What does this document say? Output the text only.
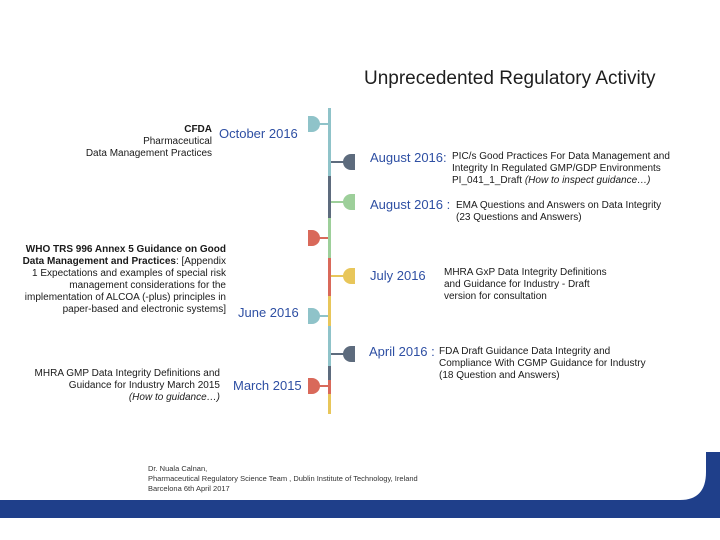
Unprecedented Regulatory Activity
CFDA
Pharmaceutical
Data Management Practices
October 2016
August 2016: PIC/s Good Practices For Data Management and
Integrity In Regulated GMP/GDP Environments
PI_041_1_Draft (How to inspect guidance…)
August 2016 : EMA Questions and Answers on Data Integrity
(23 Questions and Answers)
WHO TRS 996 Annex 5 Guidance on Good
Data Management and Practices: [Appendix
1 Expectations and examples of special risk
management considerations for the
implementation of ALCOA (-plus) principles in
paper-based and electronic systems]
July 2016 MHRA GxP Data Integrity Definitions
and Guidance for Industry - Draft
version for consultation
June 2016
April 2016 : FDA Draft Guidance Data Integrity and
Compliance With CGMP Guidance for Industry
(18 Question and Answers)
MHRA GMP Data Integrity Definitions and
Guidance for Industry March 2015
(How to guidance…)
March 2015
Dr. Nuala Calnan,
Pharmaceutical Regulatory Science Team , Dublin Institute of Technology, Ireland
Barcelona 6th April 2017
